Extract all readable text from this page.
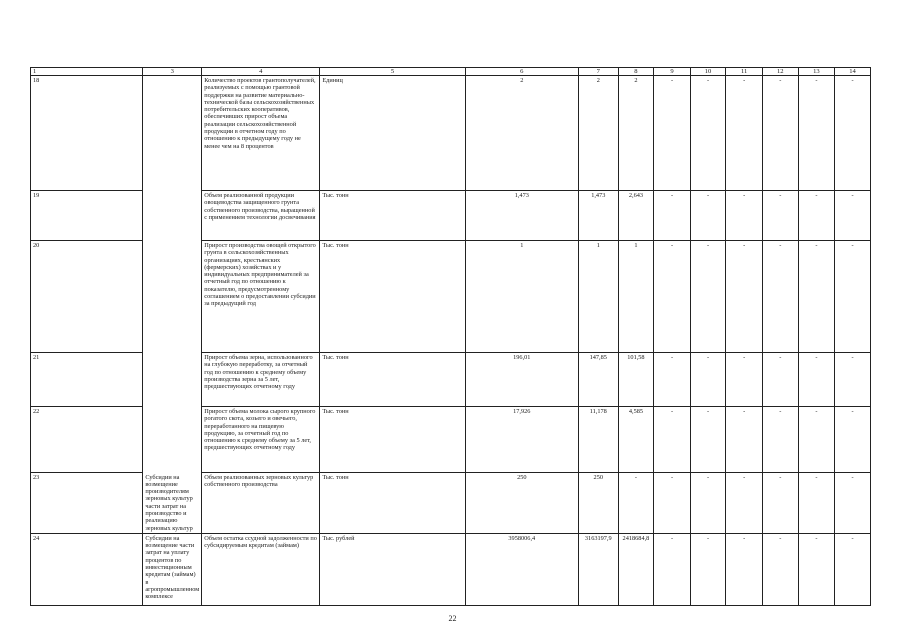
1	3	4	5	6	7	8	9	10	11	12	13	14
18		Количество проектов грантополучателей, реализуемых с помощью грантовой поддержки на развитие материально-технической базы сельскохозяйственных потребительских кооперативов, обеспечивших прирост объема реализации сельскохозяйственной продукции в отчетном году по отношению к предыдущему году не менее чем на 8 процентов	Единиц	2	2	2	-	-	-	-	-	-
19		Объем реализованной продукции овощеводства защищенного грунта собственного производства, выращенной с применением технологии досвечивания	Тыс. тонн	1,473	1,473	2,643	-	-	-	-	-	-
20		Прирост производства овощей открытого грунта в сельскохозяйственных организациях, крестьянских (фермерских) хозяйствах и у индивидуальных предпринимателей за отчетный год по отношению к показателю, предусмотренному соглашением о предоставлении субсидии за предыдущий год	Тыс. тонн	1	1	1	-	-	-	-	-	-
21		Прирост объема зерна, использованного на глубокую переработку, за отчетный год по отношению к среднему объему производства зерна за 5 лет, предшествующих отчетному году	Тыс. тонн	196,01	147,85	101,58	-	-	-	-	-	-
22		Прирост объема молока сырого крупного рогатого скота, козьего и овечьего, переработанного на пищевую продукцию, за отчетный год по отношению к среднему объему за 5 лет, предшествующих отчетному году	Тыс. тонн	17,926	11,178	4,585	-	-	-	-	-	-
23	Субсидии на возмещение производителям зерновых культур части затрат на производство и реализацию зерновых культур	Объем реализованных зерновых культур собственного производства	Тыс. тонн	250	250	-	-	-	-	-	-	-
24	Субсидии на возмещение части затрат на уплату процентов по инвестиционным кредитам (займам) в агропромышленном комплексе	Объем остатка ссудной задолженности по субсидируемым кредитам (займам)	Тыс. рублей	3958006,4	3163197,9	2418684,8	-	-	-	-	-	-
22
